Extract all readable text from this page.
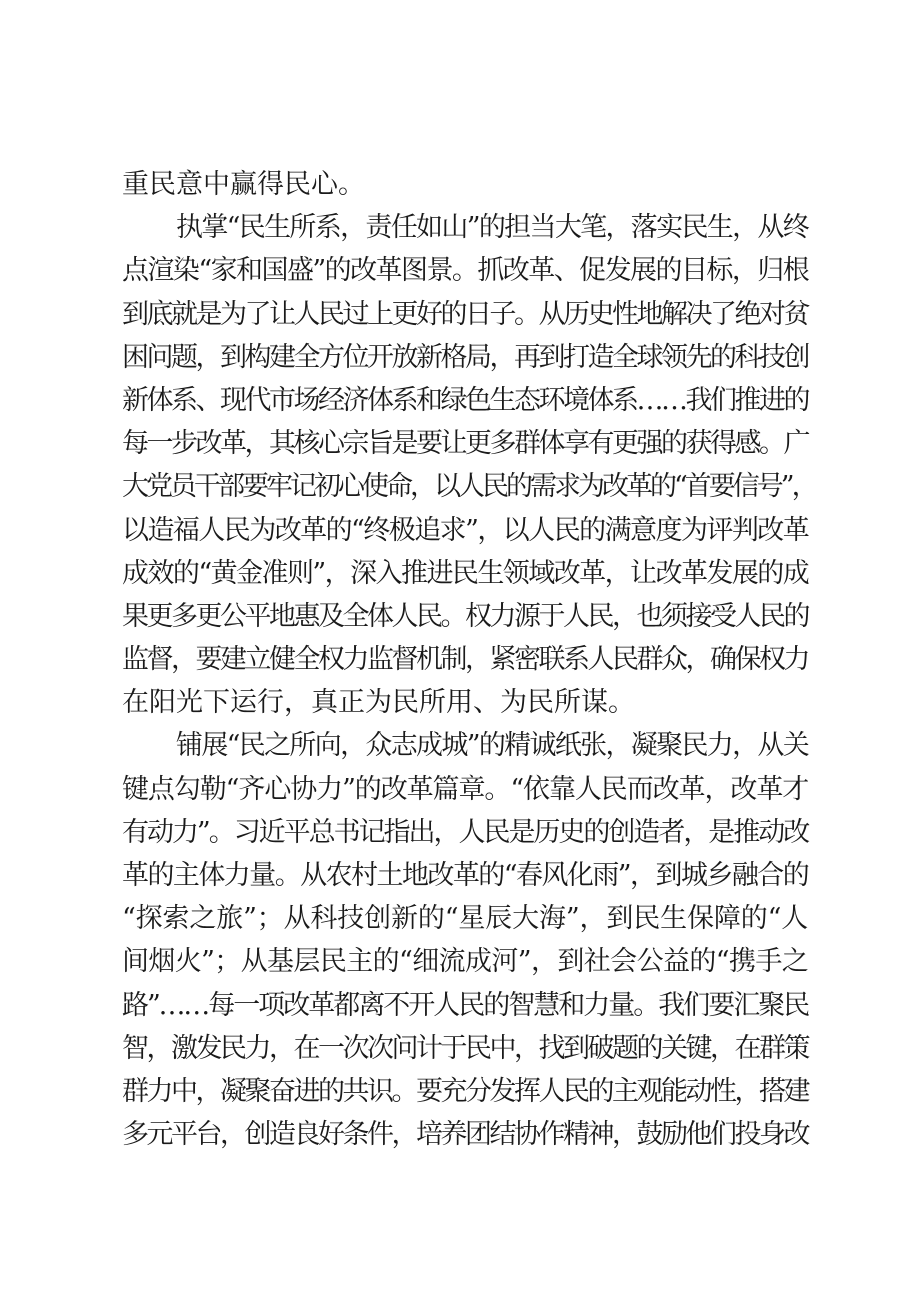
重民意中赢得民心。
执掌“民生所系，责任如山”的担当大笔，落实民生，从终
点渲染“家和国盛”的改革图景。抓改革、促发展的目标，归根
到底就是为了让人民过上更好的日子。从历史性地解决了绝对贫
困问题，到构建全方位开放新格局，再到打造全球领先的科技创
新体系、现代市场经济体系和绿色生态环境体系……我们推进的
每一步改革，其核心宗旨是要让更多群体享有更强的获得感。广
大党员干部要牢记初心使命，以人民的需求为改革的“首要信号”，
以造福人民为改革的“终极追求”，以人民的满意度为评判改革
成效的“黄金准则”，深入推进民生领域改革，让改革发展的成
果更多更公平地惠及全体人民。权力源于人民，也须接受人民的
监督，要建立健全权力监督机制，紧密联系人民群众，确保权力
在阳光下运行，真正为民所用、为民所谋。
铺展“民之所向，众志成城”的精诚纸张，凝聚民力，从关
键点勾勒“齐心协力”的改革篇章。“依靠人民而改革，改革才
有动力”。习近平总书记指出，人民是历史的创造者，是推动改
革的主体力量。从农村土地改革的“春风化雨”，到城乡融合的
“探索之旅”；从科技创新的“星辰大海”，到民生保障的“人
间烟火”；从基层民主的“细流成河”，到社会公益的“携手之
路”……每一项改革都离不开人民的智慧和力量。我们要汇聚民
智，激发民力，在一次次问计于民中，找到破题的关键，在群策
群力中，凝聚奋进的共识。要充分发挥人民的主观能动性，搭建
多元平台，创造良好条件，培养团结协作精神，鼓励他们投身改
